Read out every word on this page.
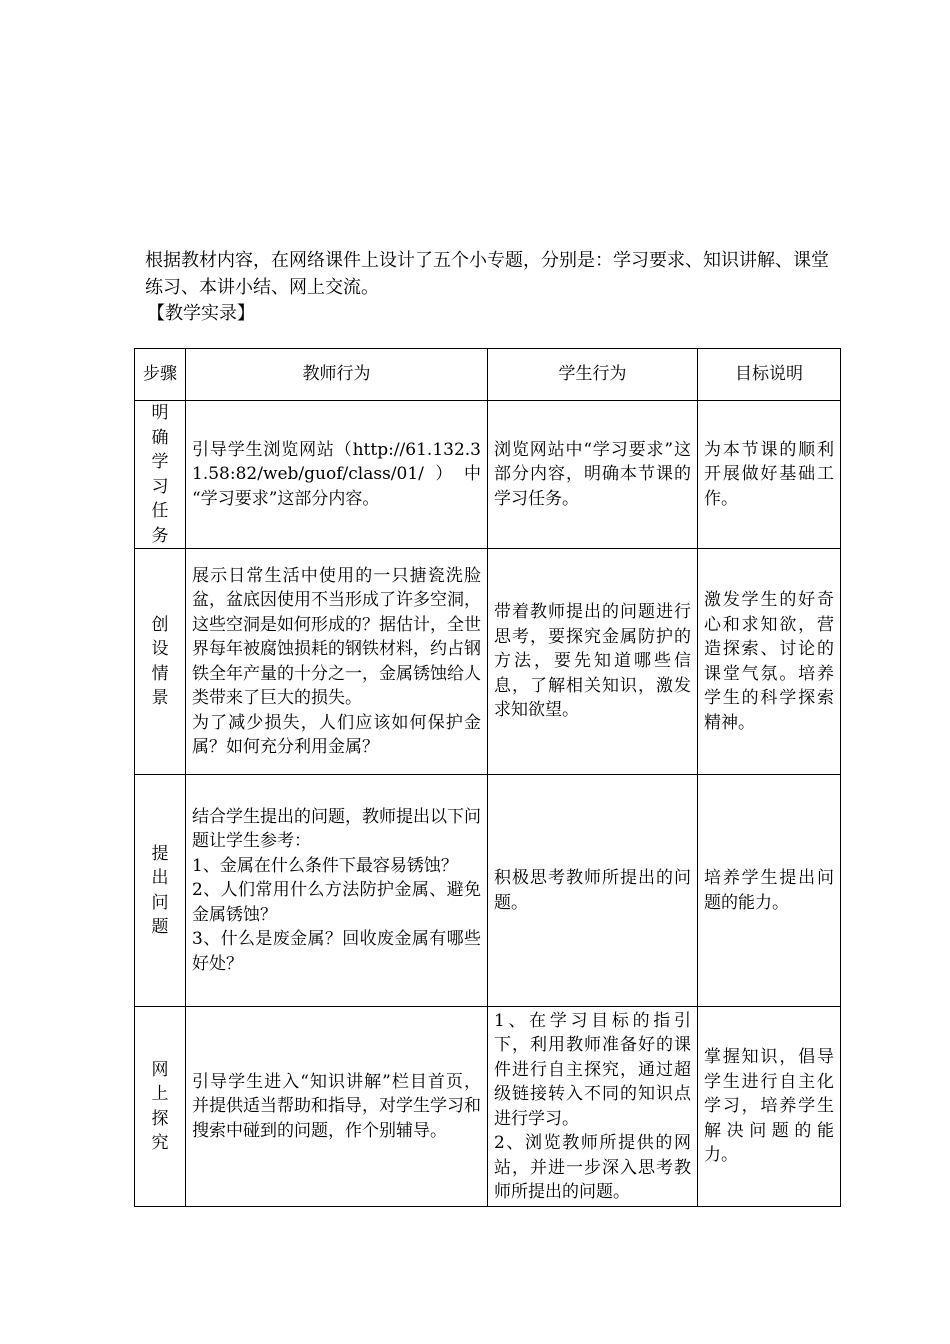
根据教材内容，在网络课件上设计了五个小专题，分别是：学习要求、知识讲解、课堂练习、本讲小结、网上交流。

【教学实录】

步骤	教师行为	学生行为	目标说明

明确学习任务	引导学生浏览网站（http://61.132.31.58:82/web/guof/class/01/）中 “学习要求”这部分内容。	浏览网站中“学习要求”这部分内容，明确本节课的学习任务。	为本节课的顺利开展做好基础工作。

创设情景	展示日常生活中使用的一只搪瓷洗脸盆，盆底因使用不当形成了许多空洞，这些空洞是如何形成的？据估计，全世界每年被腐蚀损耗的钢铁材料，约占钢铁全年产量的十分之一，金属锈蚀给人类带来了巨大的损失。
为了减少损失，人们应该如何保护金属？如何充分利用金属？	带着教师提出的问题进行思考，要探究金属防护的方法，要先知道哪些信息，了解相关知识，激发求知欲望。	激发学生的好奇心和求知欲，营造探索、讨论的课堂气氛。培养学生的科学探索精神。

提出问题	结合学生提出的问题，教师提出以下问题让学生参考：
1、金属在什么条件下最容易锈蚀？
2、人们常用什么方法防护金属、避免金属锈蚀？
3、什么是废金属？回收废金属有哪些好处？	积极思考教师所提出的问题。	培养学生提出问题的能力。

网上探究	引导学生进入“知识讲解”栏目首页，并提供适当帮助和指导，对学生学习和搜索中碰到的问题，作个别辅导。	1、在学习目标的指引下，利用教师准备好的课件进行自主探究，通过超级链接转入不同的知识点进行学习。
2、浏览教师所提供的网站，并进一步深入思考教师所提出的问题。	掌握知识，倡导学生进行自主化学习，培养学生解决问题的能力。
